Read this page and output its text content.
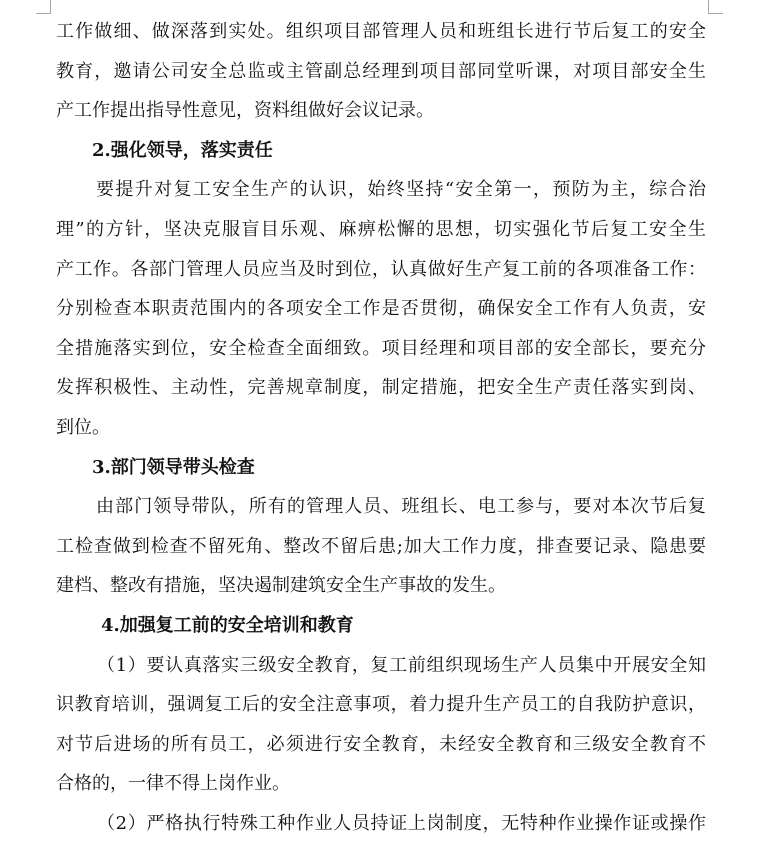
工作做细、做深落到实处。组织项目部管理人员和班组长进行节后复工的安全
教育，邀请公司安全总监或主管副总经理到项目部同堂听课，对项目部安全生
产工作提出指导性意见，资料组做好会议记录。
2.强化领导，落实责任
要提升对复工安全生产的认识，始终坚持“安全第一，预防为主，综合治
理”的方针，坚决克服盲目乐观、麻痹松懈的思想，切实强化节后复工安全生
产工作。各部门管理人员应当及时到位，认真做好生产复工前的各项准备工作：
分别检查本职责范围内的各项安全工作是否贯彻，确保安全工作有人负责，安
全措施落实到位，安全检查全面细致。项目经理和项目部的安全部长，要充分
发挥积极性、主动性，完善规章制度，制定措施，把安全生产责任落实到岗、
到位。
3.部门领导带头检查
由部门领导带队，所有的管理人员、班组长、电工参与，要对本次节后复
工检查做到检查不留死角、整改不留后患;加大工作力度，排查要记录、隐患要
建档、整改有措施，坚决遏制建筑安全生产事故的发生。
4.加强复工前的安全培训和教育
（1）要认真落实三级安全教育，复工前组织现场生产人员集中开展安全知
识教育培训，强调复工后的安全注意事项，着力提升生产员工的自我防护意识，
对节后进场的所有员工，必须进行安全教育，未经安全教育和三级安全教育不
合格的，一律不得上岗作业。
（2）严格执行特殊工种作业人员持证上岗制度，无特种作业操作证或操作
